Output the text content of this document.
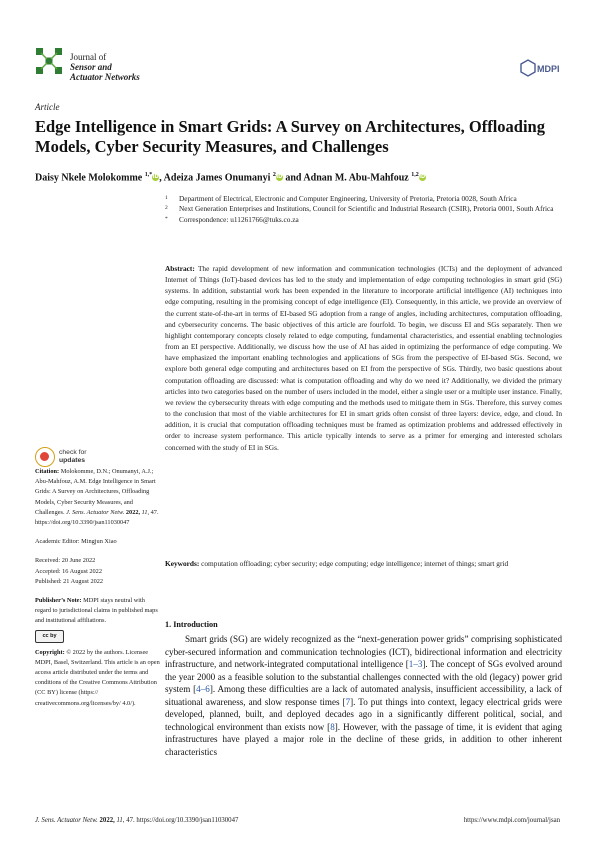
Journal of
Sensor and
Actuator Networks
MDPI
Article
Edge Intelligence in Smart Grids: A Survey on Architectures, Offloading Models, Cyber Security Measures, and Challenges
Daisy Nkele Molokomme $^{1,*}$iD, Adeiza James Onumanyi $^2$iD and Adnan M. Abu-Mahfouz $^{1,2}$iD
1 Department of Electrical, Electronic and Computer Engineering, University of Pretoria, Pretoria 0028, South Africa
2 Next Generation Enterprises and Institutions, Council for Scientific and Industrial Research (CSIR), Pretoria 0001, South Africa
* Correspondence: u11261766@tuks.co.za
Abstract: The rapid development of new information and communication technologies (ICTs) and the deployment of advanced Internet of Things (IoT)-based devices has led to the study and implementation of edge computing technologies in smart grid (SG) systems. In addition, substantial work has been expended in the literature to incorporate artificial intelligence (AI) techniques into edge computing, resulting in the promising concept of edge intelligence (EI). Consequently, in this article, we provide an overview of the current state-of-the-art in terms of EI-based SG adoption from a range of angles, including architectures, computation offloading, and cybersecurity concerns. The basic objectives of this article are fourfold. To begin, we discuss EI and SGs separately. Then we highlight contemporary concepts closely related to edge computing, fundamental characteristics, and essential enabling technologies from an EI perspective. Additionally, we discuss how the use of AI has aided in optimizing the performance of edge computing. We have emphasized the important enabling technologies and applications of SGs from the perspective of EI-based SGs. Second, we explore both general edge computing and architectures based on EI from the perspective of SGs. Thirdly, two basic questions about computation offloading are discussed: what is computation offloading and why do we need it? Additionally, we divided the primary articles into two categories based on the number of users included in the model, either a single user or a multiple user instance. Finally, we review the cybersecurity threats with edge computing and the methods used to mitigate them in SGs. Therefore, this survey comes to the conclusion that most of the viable architectures for EI in smart grids often consist of three layers: device, edge, and cloud. In addition, it is crucial that computation offloading techniques must be framed as optimization problems and addressed effectively in order to increase system performance. This article typically intends to serve as a primer for emerging and interested scholars concerned with the study of EI in SGs.
Keywords: computation offloading; cyber security; edge computing; edge intelligence; internet of things; smart grid
check for
updates

Citation: Molokomme, D.N.; Onumanyi, A.J.; Abu-Mahfouz, A.M. Edge Intelligence in Smart Grids: A Survey on Architectures, Offloading Models, Cyber Security Measures, and Challenges. J. Sens. Actuator Netw. 2022, 11, 47. https://doi.org/10.3390/jsan11030047

Academic Editor: Mingjun Xiao

Received: 20 June 2022

Accepted: 16 August 2022

Published: 21 August 2022

Publisher’s Note: MDPI stays neutral with regard to jurisdictional claims in published maps and institutional affiliations.

cc by

Copyright: © 2022 by the authors. Licensee MDPI, Basel, Switzerland. This article is an open access article distributed under the terms and conditions of the Creative Commons Attribution (CC BY) license (https:// creativecommons.org/licenses/by/ 4.0/).

1. Introduction
Smart grids (SG) are widely recognized as the “next-generation power grids” comprising sophisticated cyber-secured information and communication technologies (ICT), bidirectional information and electricity infrastructure, and network-integrated computational intelligence [1–3]. The concept of SGs evolved around the year 2000 as a feasible solution to the substantial challenges connected with the old (legacy) power grid system [4–6]. Among these difficulties are a lack of automated analysis, insufficient accessibility, a lack of situational awareness, and slow response times [7]. To put things into context, legacy electrical grids were developed, planned, built, and deployed decades ago in a significantly different political, social, and technological environment than exists now [8]. However, with the passage of time, it is evident that aging infrastructures have played a major role in the decline of these grids, in addition to other inherent characteristics
J. Sens. Actuator Netw. 2022, 11, 47. https://doi.org/10.3390/jsan11030047	https://www.mdpi.com/journal/jsan
